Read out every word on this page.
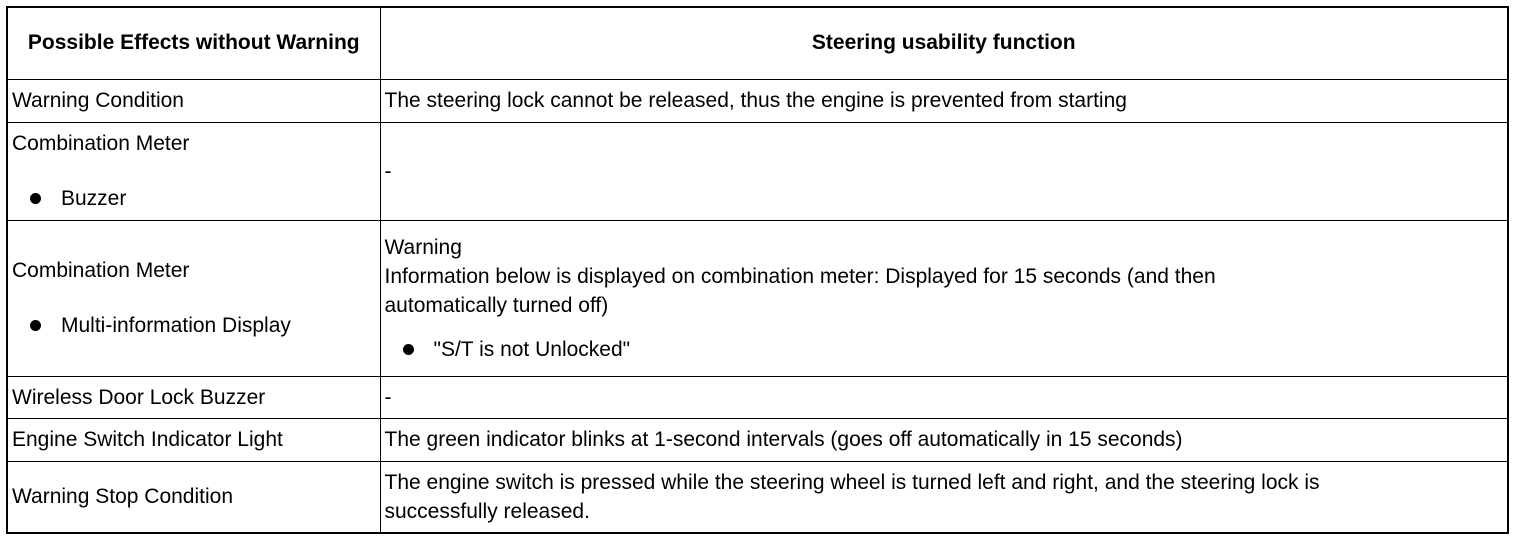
Possible Effects without Warning	Steering usability function
Warning Condition	The steering lock cannot be released, thus the engine is prevented from starting

Combination Meter
Buzzer	-

Combination Meter
Multi-information Display	Warning
Information below is displayed on combination meter: Displayed for 15 seconds (and then
automatically turned off)
"S/T is not Unlocked"

Wireless Door Lock Buzzer	-
Engine Switch Indicator Light	The green indicator blinks at 1-second intervals (goes off automatically in 15 seconds)
Warning Stop Condition	The engine switch is pressed while the steering wheel is turned left and right, and the steering lock is
successfully released.
